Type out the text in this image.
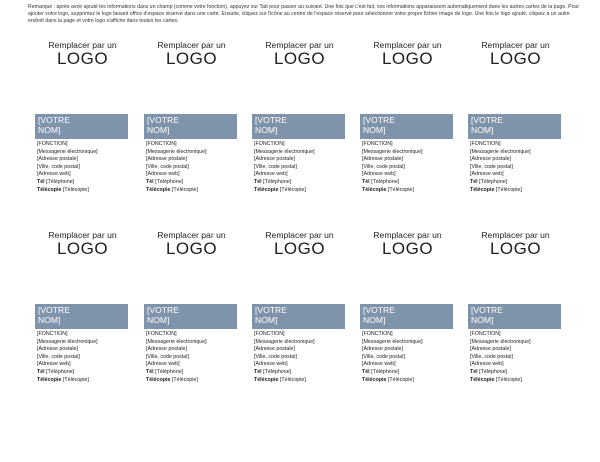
Remarque : après avoir ajouté les informations dans un champ (comme votre fonction), appuyez sur Tab pour passer au suivant. Une fois que c'est fait, vos informations apparaissent automatiquement dans les autres cartes de la page. Pour ajouter votre logo, supprimez le logo faisant office d'espace réservé dans une carte. Ensuite, cliquez sur l'icône au centre de l'espace réservé pour sélectionner votre propre fichier image de logo. Une fois le logo ajouté, cliquez à un autre endroit dans la page et votre logo s'affiche dans toutes les cartes.
Remplacer par un
LOGO
[VOTRE
NOM]
[FONCTION]
[Messagerie électronique]
[Adresse postale]
[Ville, code postal]
[Adresse web]
Tél [Téléphone]
Télécopie [Télécopie]
Remplacer par un
LOGO
[VOTRE
NOM]
[FONCTION]
[Messagerie électronique]
[Adresse postale]
[Ville, code postal]
[Adresse web]
Tél [Téléphone]
Télécopie [Télécopie]
Remplacer par un
LOGO
[VOTRE
NOM]
[FONCTION]
[Messagerie électronique]
[Adresse postale]
[Ville, code postal]
[Adresse web]
Tél [Téléphone]
Télécopie [Télécopie]
Remplacer par un
LOGO
[VOTRE
NOM]
[FONCTION]
[Messagerie électronique]
[Adresse postale]
[Ville, code postal]
[Adresse web]
Tél [Téléphone]
Télécopie [Télécopie]
Remplacer par un
LOGO
[VOTRE
NOM]
[FONCTION]
[Messagerie électronique]
[Adresse postale]
[Ville, code postal]
[Adresse web]
Tél [Téléphone]
Télécopie [Télécopie]
Remplacer par un
LOGO
[VOTRE
NOM]
[FONCTION]
[Messagerie électronique]
[Adresse postale]
[Ville, code postal]
[Adresse web]
Tél [Téléphone]
Télécopie [Télécopie]
Remplacer par un
LOGO
[VOTRE
NOM]
[FONCTION]
[Messagerie électronique]
[Adresse postale]
[Ville, code postal]
[Adresse web]
Tél [Téléphone]
Télécopie [Télécopie]
Remplacer par un
LOGO
[VOTRE
NOM]
[FONCTION]
[Messagerie électronique]
[Adresse postale]
[Ville, code postal]
[Adresse web]
Tél [Téléphone]
Télécopie [Télécopie]
Remplacer par un
LOGO
[VOTRE
NOM]
[FONCTION]
[Messagerie électronique]
[Adresse postale]
[Ville, code postal]
[Adresse web]
Tél [Téléphone]
Télécopie [Télécopie]
Remplacer par un
LOGO
[VOTRE
NOM]
[FONCTION]
[Messagerie électronique]
[Adresse postale]
[Ville, code postal]
[Adresse web]
Tél [Téléphone]
Télécopie [Télécopie]
